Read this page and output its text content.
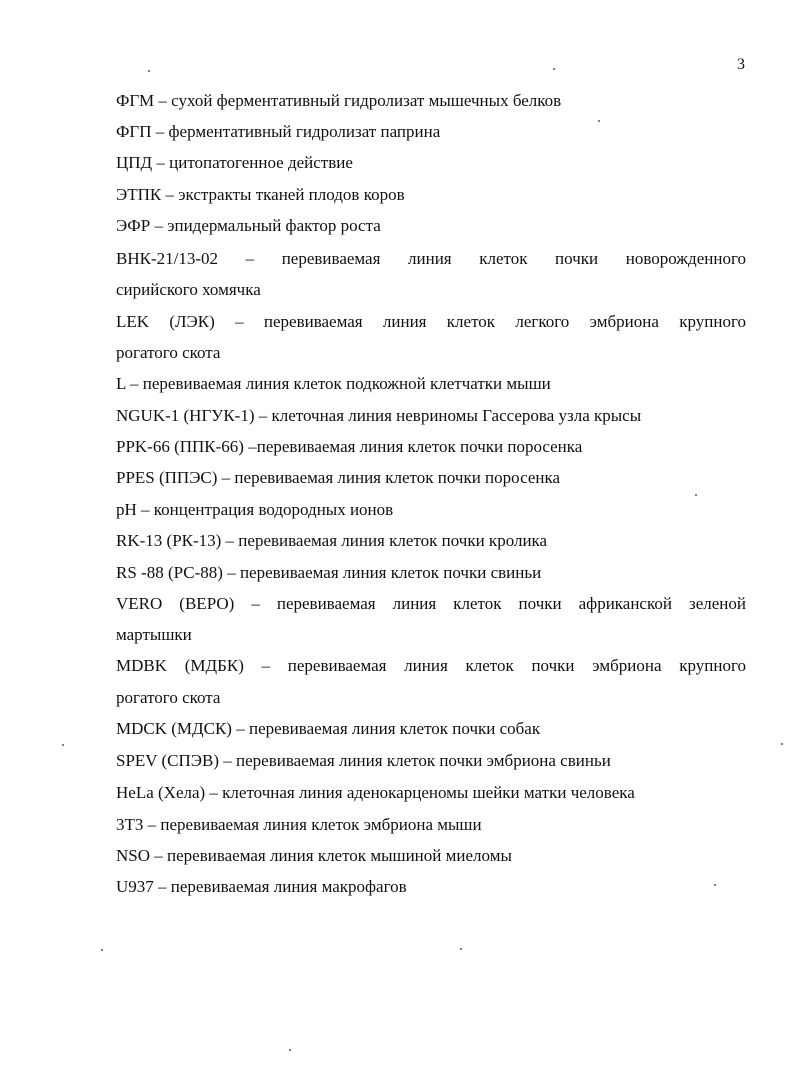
3
ФГМ – сухой ферментативный гидролизат мышечных белков
ФГП – ферментативный гидролизат паприна
ЦПД – цитопатогенное действие
ЭТПК – экстракты тканей плодов коров
ЭФР – эпидермальный фактор роста
ВНК-21/13-02 – перевиваемая линия клеток почки новорожденного
сирийского хомячка
LEK (ЛЭК) – перевиваемая линия клеток легкого эмбриона крупного
рогатого скота
L – перевиваемая линия клеток подкожной клетчатки мыши
NGUK-1 (НГУК-1) – клеточная линия невриномы Гассерова узла крысы
PPK-66 (ППК-66) –перевиваемая линия клеток почки поросенка
PPES (ППЭС) – перевиваемая линия клеток почки поросенка
pH – концентрация водородных ионов
RK-13 (РК-13) – перевиваемая линия клеток почки кролика
RS -88 (РС-88) – перевиваемая линия клеток почки свиньи
VERO (ВЕРО) – перевиваемая линия клеток почки африканской зеленой
мартышки
MDBK (МДБК) – перевиваемая линия клеток почки эмбриона крупного
рогатого скота
MDCK (МДСК) – перевиваемая линия клеток почки собак
SPEV (СПЭВ) – перевиваемая линия клеток почки эмбриона свиньи
HeLa (Хела) – клеточная линия аденокарценомы шейки матки человека
3Т3 – перевиваемая линия клеток эмбриона мыши
NSO – перевиваемая линия клеток мышиной миеломы
U937 – перевиваемая линия макрофагов
